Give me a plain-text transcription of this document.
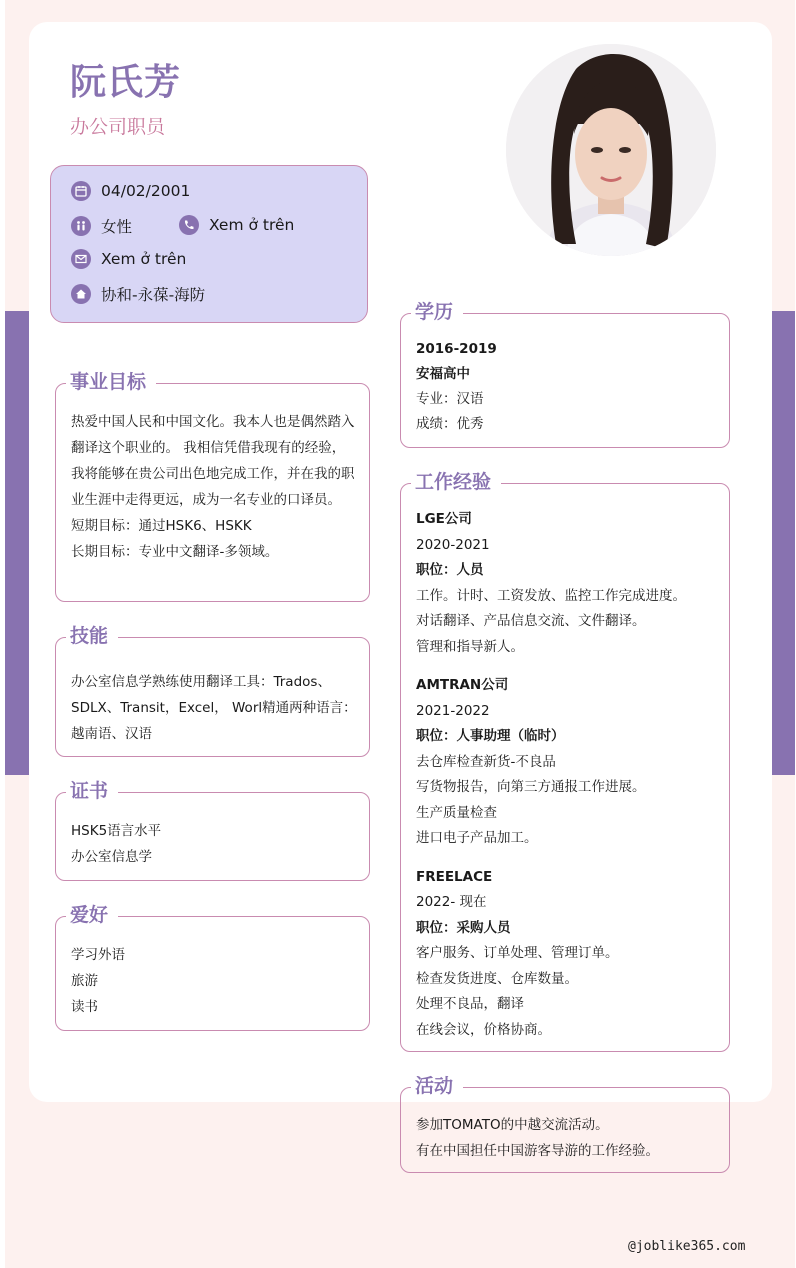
阮氏芳
办公司职员
04/02/2001
女性	Xem ở trên
Xem ở trên
协和-永葆-海防
事业目标
热爱中国人民和中国文化。我本人也是偶然踏入翻译这个职业的。 我相信凭借我现有的经验，我将能够在贵公司出色地完成工作，并在我的职业生涯中走得更远，成为一名专业的口译员。
短期目标：通过HSK6、HSKK
长期目标：专业中文翻译-多领域。
技能
办公室信息学熟练使用翻译工具：Trados、SDLX、Transit，Excel， Worl精通两种语言：越南语、汉语
证书
HSK5语言水平
办公室信息学
爱好
学习外语
旅游
读书
学历
2016-2019
安福高中
专业：汉语
成绩：优秀
工作经验
LGE公司
2020-2021
职位：人员
工作。计时、工资发放、监控工作完成进度。
对话翻译、产品信息交流、文件翻译。
管理和指导新人。
AMTRAN公司
2021-2022
职位：人事助理（临时）
去仓库检查新货-不良品
写货物报告，向第三方通报工作进展。
生产质量检查
进口电子产品加工。
FREELACE
2022- 现在
职位：采购人员
客户服务、订单处理、管理订单。
检查发货进度、仓库数量。
处理不良品，翻译
在线会议，价格协商。
活动
参加TOMATO的中越交流活动。
有在中国担任中国游客导游的工作经验。
@joblike365.com
